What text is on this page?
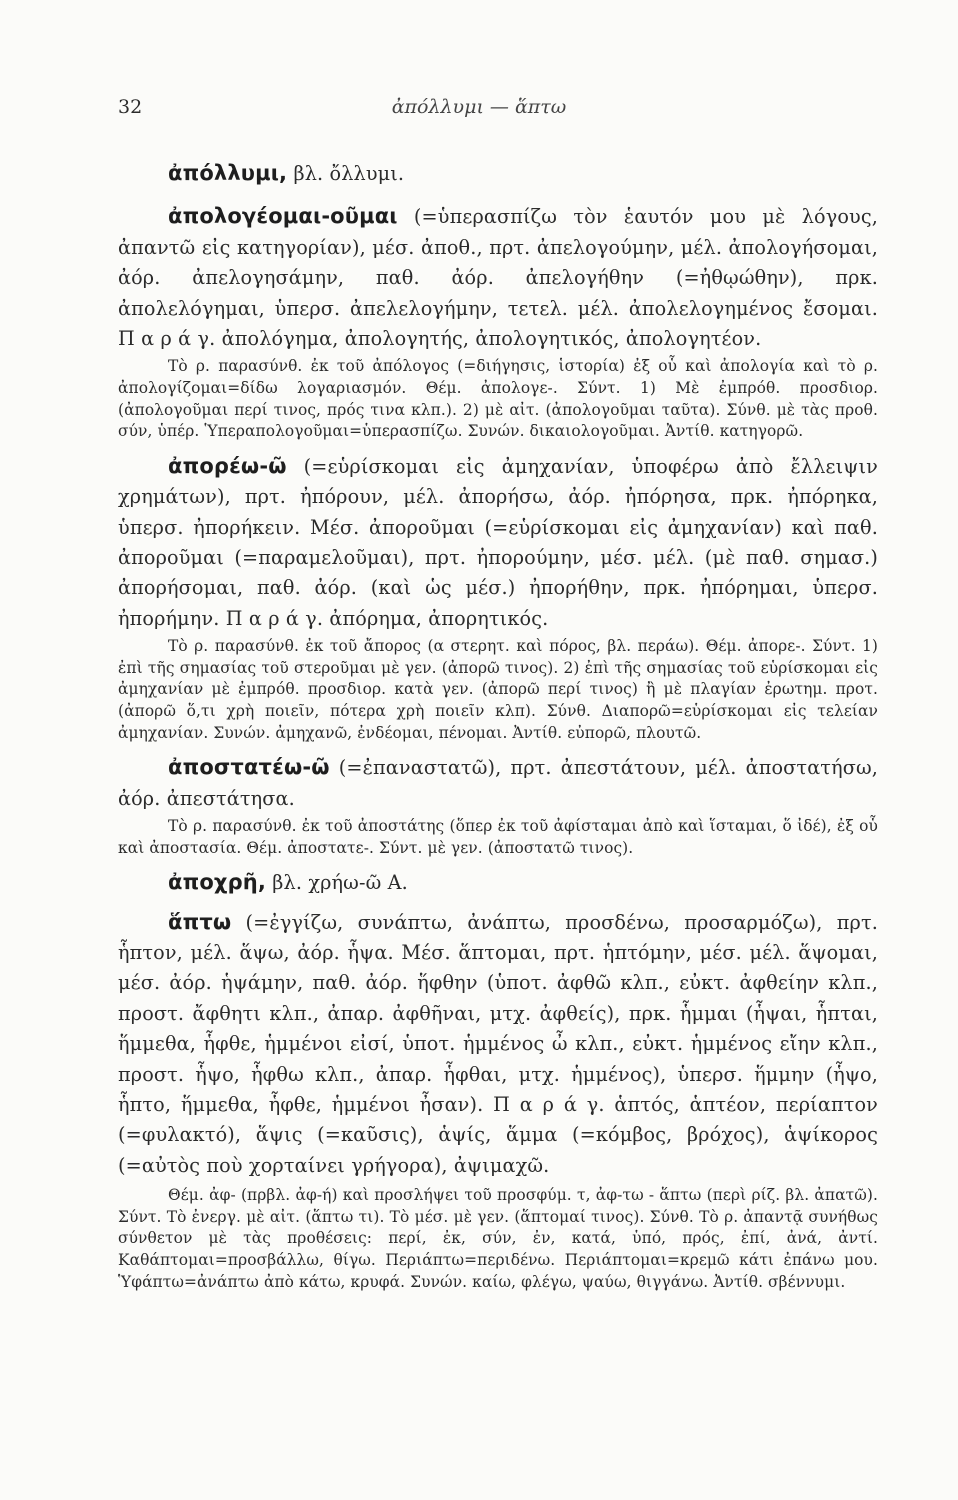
32	ἀπόλλυμι — ἅπτω

ἀπόλλυμι, βλ. ὄλλυμι.

ἀπολογέομαι-οῦμαι (=ὑπερασπίζω τὸν ἑαυτόν μου μὲ λόγους, ἀπαντῶ εἰς κατηγορίαν), μέσ. ἀποθ., πρτ. ἀπελογούμην, μέλ. ἀπολογήσομαι, ἀόρ. ἀπελογησάμην, παθ. ἀόρ. ἀπελογήθην (=ἠθῳώθην), πρκ. ἀπολελόγημαι, ὑπερσ. ἀπελελογήμην, τετελ. μέλ. ἀπολελογημένος ἔσομαι. Π α ρ ά γ. ἀπολόγημα, ἀπολογητής, ἀπολογητικός, ἀπολογητέον.

Τὸ ρ. παρασύνθ. ἐκ τοῦ ἀπόλογος (=διήγησις, ἱστορία) ἐξ οὗ καὶ ἀπολογία καὶ τὸ ρ. ἀπολογίζομαι=δίδω λογαριασμόν. Θέμ. ἀπολογε-. Σύντ. 1) Μὲ ἐμπρόθ. προσδιορ. (ἀπολογοῦμαι περί τινος, πρός τινα κλπ.). 2) μὲ αἰτ. (ἀπολογοῦμαι ταῦτα). Σύνθ. μὲ τὰς προθ. σύν, ὑπέρ. Ὑπεραπολογοῦμαι=ὑπερασπίζω. Συνών. δικαιολογοῦμαι. Ἀντίθ. κατηγορῶ.

ἀπορέω-ῶ (=εὑρίσκομαι εἰς ἀμηχανίαν, ὑποφέρω ἀπὸ ἔλλειψιν χρημάτων), πρτ. ἠπόρουν, μέλ. ἀπορήσω, ἀόρ. ἠπόρησα, πρκ. ἠπόρηκα, ὑπερσ. ἠπορήκειν. Μέσ. ἀποροῦμαι (=εὑρίσκομαι εἰς ἀμηχανίαν) καὶ παθ. ἀποροῦμαι (=παραμελοῦμαι), πρτ. ἠπορούμην, μέσ. μέλ. (μὲ παθ. σημασ.) ἀπορήσομαι, παθ. ἀόρ. (καὶ ὡς μέσ.) ἠπορήθην, πρκ. ἠπόρημαι, ὑπερσ. ἠπορήμην. Π α ρ ά γ. ἀπόρημα, ἀπορητικός.

Τὸ ρ. παρασύνθ. ἐκ τοῦ ἄπορος (α στερητ. καὶ πόρος, βλ. περάω). Θέμ. ἀπορε-. Σύντ. 1) ἐπὶ τῆς σημασίας τοῦ στεροῦμαι μὲ γεν. (ἀπορῶ τινος). 2) ἐπὶ τῆς σημασίας τοῦ εὑρίσκομαι εἰς ἀμηχανίαν μὲ ἐμπρόθ. προσδιορ. κατὰ γεν. (ἀπορῶ περί τινος) ἢ μὲ πλαγίαν ἐρωτημ. προτ. (ἀπορῶ ὅ,τι χρὴ ποιεῖν, πότερα χρὴ ποιεῖν κλπ). Σύνθ. Διαπορῶ=εὑρίσκομαι εἰς τελείαν ἀμηχανίαν. Συνών. ἀμηχανῶ, ἐνδέομαι, πένομαι. Ἀντίθ. εὐπορῶ, πλουτῶ.

ἀποστατέω-ῶ (=ἐπαναστατῶ), πρτ. ἀπεστάτουν, μέλ. ἀποστατήσω, ἀόρ. ἀπεστάτησα.

Τὸ ρ. παρασύνθ. ἐκ τοῦ ἀποστάτης (ὅπερ ἐκ τοῦ ἀφίσταμαι ἀπὸ καὶ ἵσταμαι, ὅ ἰδέ), ἐξ οὗ καὶ ἀποστασία. Θέμ. ἀποστατε-. Σύντ. μὲ γεν. (ἀποστατῶ τινος).

ἀποχρῆ, βλ. χρήω-ῶ Α.

ἅπτω (=ἐγγίζω, συνάπτω, ἀνάπτω, προσδένω, προσαρμόζω), πρτ. ἧπτον, μέλ. ἅψω, ἀόρ. ἧψα. Μέσ. ἅπτομαι, πρτ. ἡπτόμην, μέσ. μέλ. ἅψομαι, μέσ. ἀόρ. ἡψάμην, παθ. ἀόρ. ἥφθην (ὑποτ. ἀφθῶ κλπ., εὐκτ. ἀφθείην κλπ., προστ. ἄφθητι κλπ., ἀπαρ. ἀφθῆναι, μτχ. ἀφθείς), πρκ. ἧμμαι (ἧψαι, ἧπται, ἥμμεθα, ἧφθε, ἡμμένοι εἰσί, ὑποτ. ἡμμένος ὦ κλπ., εὐκτ. ἡμμένος εἴην κλπ., προστ. ἧψο, ἧφθω κλπ., ἀπαρ. ἧφθαι, μτχ. ἡμμένος), ὑπερσ. ἥμμην (ἧψο, ἧπτο, ἥμμεθα, ἧφθε, ἡμμένοι ἦσαν). Π α ρ ά γ. ἁπτός, ἁπτέον, περίαπτον (=φυλακτό), ἅψις (=καῦσις), ἁψίς, ἅμμα (=κόμβος, βρόχος), ἁψίκορος (=αὐτὸς ποὺ χορταίνει γρήγορα), ἀψιμαχῶ.

Θέμ. ἀφ- (πρβλ. ἀφ-ή) καὶ προσλήψει τοῦ προσφύμ. τ, ἀφ-τω - ἅπτω (περὶ ρίζ. βλ. ἀπατῶ). Σύντ. Τὸ ἐνεργ. μὲ αἰτ. (ἅπτω τι). Τὸ μέσ. μὲ γεν. (ἅπτομαί τινος). Σύνθ. Τὸ ρ. ἀπαντᾷ συνήθως σύνθετον μὲ τὰς προθέσεις: περί, ἐκ, σύν, ἐν, κατά, ὑπό, πρός, ἐπί, ἀνά, ἀντί. Καθάπτομαι=προσβάλλω, θίγω. Περιάπτω=περιδένω. Περιάπτομαι=κρεμῶ κάτι ἐπάνω μου. Ὑφάπτω=ἀνάπτω ἀπὸ κάτω, κρυφά. Συνών. καίω, φλέγω, ψαύω, θιγγάνω. Ἀντίθ. σβέννυμι.
